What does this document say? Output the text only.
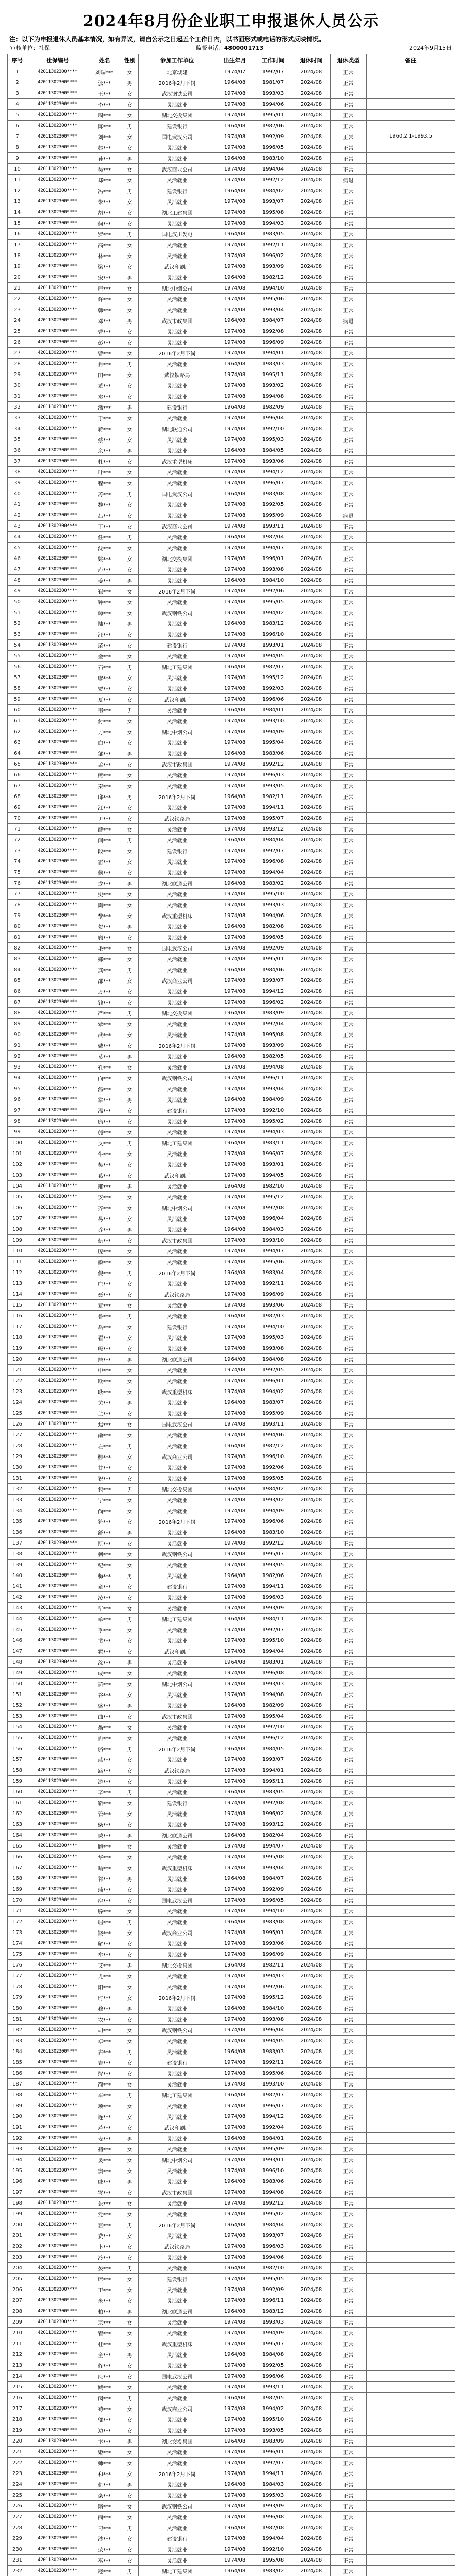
2024年8月份企业职工申报退休人员公示
注：以下为申报退休人员基本情况，如有异议，请自公示之日起五个工作日内，以书面形式或电话的形式反映情况。
审核单位：社保	监督电话：4800001713	2024年9月15日
序号	社保编号	姓名	性别	参加工作单位	出生年月	工作时间	退休时间	退休类型	备注
1	42011302300****	刘瑞***	女	北京城建	1974/07	1992/07	2024/08	正常	
2	42011302300****	张***	男	2016年2月下岗	1964/08	1981/07	2024/08	正常	
3	42011302300****	王***	女	武汉钢铁公司	1974/08	1993/03	2024/08	正常	
4	42011302300****	李***	女	灵活就业	1974/08	1994/06	2024/08	正常	
5	42011302300****	周***	女	湖北交投集团	1974/08	1995/01	2024/08	正常	
6	42011302300****	陈***	男	建设银行	1964/08	1982/06	2024/08	正常	
7	42011302300****	刘***	女	国电武汉公司	1974/08	1992/09	2024/08	正常	1960.2.1-1993.5
8	42011302300****	赵***	女	灵活就业	1974/08	1996/05	2024/08	正常	
9	42011302300****	孙***	男	灵活就业	1964/08	1983/10	2024/08	正常	
10	42011302300****	吴***	女	武汉商业公司	1974/08	1994/04	2024/08	正常	
11	42011302300****	郑***	女	灵活就业	1974/08	1992/12	2024/08	病退	
12	42011302300****	冯***	男	建设银行	1964/08	1984/02	2024/08	正常	
13	42011302300****	朱***	女	灵活就业	1974/08	1993/07	2024/08	正常	
14	42011302300****	胡***	女	湖北工建集团	1974/08	1995/08	2024/08	正常	
15	42011302300****	何***	女	灵活就业	1974/08	1994/03	2024/08	正常	
16	42011302300****	罗***	男	国电汉川发电	1964/08	1983/05	2024/08	正常	
17	42011302300****	高***	女	灵活就业	1974/08	1992/11	2024/08	正常	
18	42011302300****	林***	女	灵活就业	1974/08	1996/02	2024/08	正常	
19	42011302300****	梁***	女	武汉印刷厂	1974/08	1993/09	2024/08	正常	
20	42011302300****	宋***	男	灵活就业	1964/08	1982/12	2024/08	正常	
21	42011302300****	唐***	女	湖北中烟公司	1974/08	1994/10	2024/08	正常	
22	42011302300****	许***	女	灵活就业	1974/08	1995/06	2024/08	正常	
23	42011302300****	韩***	女	灵活就业	1974/08	1993/04	2024/08	正常	
24	42011302300****	邓***	男	武汉市政集团	1964/08	1984/07	2024/08	病退	
25	42011302300****	曹***	女	灵活就业	1974/08	1992/08	2024/08	正常	
26	42011302300****	彭***	女	灵活就业	1974/08	1996/09	2024/08	正常	
27	42011302300****	曾***	女	2016年2月下岗	1974/08	1994/01	2024/08	正常	
28	42011302300****	肖***	男	灵活就业	1964/08	1983/03	2024/08	正常	
29	42011302300****	田***	女	武汉铁路局	1974/08	1995/11	2024/08	正常	
30	42011302300****	董***	女	灵活就业	1974/08	1993/02	2024/08	正常	
31	42011302300****	袁***	女	灵活就业	1974/08	1994/08	2024/08	正常	
32	42011302300****	潘***	男	建设银行	1964/08	1982/09	2024/08	正常	
33	42011302300****	于***	女	灵活就业	1974/08	1996/04	2024/08	正常	
34	42011302300****	蒋***	女	湖北联通公司	1974/08	1992/10	2024/08	正常	
35	42011302300****	蔡***	女	灵活就业	1974/08	1995/03	2024/08	正常	
36	42011302300****	余***	男	灵活就业	1964/08	1984/05	2024/08	正常	
37	42011302300****	杜***	女	武汉重型机床	1974/08	1993/06	2024/08	正常	
38	42011302300****	叶***	女	灵活就业	1974/08	1994/12	2024/08	正常	
39	42011302300****	程***	女	灵活就业	1974/08	1996/07	2024/08	正常	
40	42011302300****	苏***	男	国电武汉公司	1964/08	1983/08	2024/08	正常	
41	42011302300****	魏***	女	灵活就业	1974/08	1992/05	2024/08	正常	
42	42011302300****	吕***	女	灵活就业	1974/08	1995/09	2024/08	病退	
43	42011302300****	丁***	女	武汉商业公司	1974/08	1993/11	2024/08	正常	
44	42011302300****	任***	男	灵活就业	1964/08	1982/04	2024/08	正常	
45	42011302300****	沈***	女	灵活就业	1974/08	1994/07	2024/08	正常	
46	42011302300****	姚***	女	湖北交投集团	1974/08	1996/01	2024/08	正常	
47	42011302300****	卢***	女	灵活就业	1974/08	1993/08	2024/08	正常	
48	42011302300****	姜***	男	灵活就业	1964/08	1984/10	2024/08	正常	
49	42011302300****	崔***	女	2016年2月下岗	1974/08	1992/06	2024/08	正常	
50	42011302300****	钟***	女	灵活就业	1974/08	1995/05	2024/08	正常	
51	42011302300****	谭***	女	武汉钢铁公司	1974/08	1994/02	2024/08	正常	
52	42011302300****	陆***	男	灵活就业	1964/08	1983/12	2024/08	正常	
53	42011302300****	汪***	女	灵活就业	1974/08	1996/10	2024/08	正常	
54	42011302300****	范***	女	建设银行	1974/08	1993/01	2024/08	正常	
55	42011302300****	金***	女	灵活就业	1974/08	1994/05	2024/08	正常	
56	42011302300****	石***	男	湖北工建集团	1964/08	1982/07	2024/08	正常	
57	42011302300****	廖***	女	灵活就业	1974/08	1995/12	2024/08	正常	
58	42011302300****	贾***	女	灵活就业	1974/08	1992/03	2024/08	正常	
59	42011302300****	夏***	女	武汉印刷厂	1974/08	1996/06	2024/08	正常	
60	42011302300****	韦***	男	灵活就业	1964/08	1984/01	2024/08	正常	
61	42011302300****	付***	女	灵活就业	1974/08	1993/10	2024/08	正常	
62	42011302300****	方***	女	湖北中烟公司	1974/08	1994/09	2024/08	正常	
63	42011302300****	白***	女	灵活就业	1974/08	1995/04	2024/08	正常	
64	42011302300****	邹***	男	灵活就业	1964/08	1983/06	2024/08	正常	
65	42011302300****	孟***	女	武汉市政集团	1974/08	1992/12	2024/08	正常	
66	42011302300****	熊***	女	灵活就业	1974/08	1996/03	2024/08	正常	
67	42011302300****	秦***	女	灵活就业	1974/08	1993/05	2024/08	正常	
68	42011302300****	邱***	男	2016年2月下岗	1964/08	1982/11	2024/08	正常	
69	42011302300****	江***	女	灵活就业	1974/08	1994/11	2024/08	正常	
70	42011302300****	尹***	女	武汉铁路局	1974/08	1995/07	2024/08	正常	
71	42011302300****	薛***	女	灵活就业	1974/08	1993/12	2024/08	正常	
72	42011302300****	闫***	男	灵活就业	1964/08	1984/04	2024/08	正常	
73	42011302300****	段***	女	建设银行	1974/08	1992/07	2024/08	正常	
74	42011302300****	雷***	女	灵活就业	1974/08	1996/08	2024/08	正常	
75	42011302300****	侯***	女	灵活就业	1974/08	1994/04	2024/08	正常	
76	42011302300****	龙***	男	湖北联通公司	1964/08	1983/02	2024/08	正常	
77	42011302300****	史***	女	灵活就业	1974/08	1995/10	2024/08	正常	
78	42011302300****	陶***	女	灵活就业	1974/08	1993/03	2024/08	正常	
79	42011302300****	黎***	女	武汉重型机床	1974/08	1994/06	2024/08	正常	
80	42011302300****	贺***	男	灵活就业	1964/08	1982/08	2024/08	正常	
81	42011302300****	顾***	女	灵活就业	1974/08	1996/05	2024/08	正常	
82	42011302300****	毛***	女	国电武汉公司	1974/08	1992/09	2024/08	正常	
83	42011302300****	郝***	女	灵活就业	1974/08	1995/01	2024/08	正常	
84	42011302300****	龚***	男	灵活就业	1964/08	1984/06	2024/08	正常	
85	42011302300****	邵***	女	武汉商业公司	1974/08	1993/07	2024/08	正常	
86	42011302300****	万***	女	灵活就业	1974/08	1994/12	2024/08	正常	
87	42011302300****	钱***	女	灵活就业	1974/08	1996/02	2024/08	正常	
88	42011302300****	严***	男	湖北交投集团	1964/08	1983/09	2024/08	正常	
89	42011302300****	覃***	女	灵活就业	1974/08	1992/04	2024/08	正常	
90	42011302300****	武***	女	灵活就业	1974/08	1995/08	2024/08	正常	
91	42011302300****	戴***	女	2016年2月下岗	1974/08	1993/09	2024/08	正常	
92	42011302300****	莫***	男	灵活就业	1964/08	1982/05	2024/08	正常	
93	42011302300****	孔***	女	灵活就业	1974/08	1994/08	2024/08	正常	
94	42011302300****	向***	女	武汉钢铁公司	1974/08	1996/11	2024/08	正常	
95	42011302300****	汤***	女	灵活就业	1974/08	1993/04	2024/08	正常	
96	42011302300****	常***	男	灵活就业	1964/08	1984/09	2024/08	正常	
97	42011302300****	温***	女	建设银行	1974/08	1992/10	2024/08	正常	
98	42011302300****	康***	女	灵活就业	1974/08	1995/02	2024/08	正常	
99	42011302300****	施***	女	灵活就业	1974/08	1994/03	2024/08	正常	
100	42011302300****	文***	男	湖北工建集团	1964/08	1983/11	2024/08	正常	
101	42011302300****	牛***	女	灵活就业	1974/08	1996/07	2024/08	正常	
102	42011302300****	樊***	女	灵活就业	1974/08	1993/01	2024/08	正常	
103	42011302300****	葛***	女	武汉印刷厂	1974/08	1994/05	2024/08	正常	
104	42011302300****	邢***	男	灵活就业	1964/08	1982/10	2024/08	正常	
105	42011302300****	安***	女	灵活就业	1974/08	1995/12	2024/08	正常	
106	42011302300****	齐***	女	湖北中烟公司	1974/08	1992/08	2024/08	正常	
107	42011302300****	易***	女	灵活就业	1974/08	1996/04	2024/08	正常	
108	42011302300****	乔***	男	灵活就业	1964/08	1984/03	2024/08	正常	
109	42011302300****	伍***	女	武汉市政集团	1974/08	1993/10	2024/08	正常	
110	42011302300****	庞***	女	灵活就业	1974/08	1994/07	2024/08	正常	
111	42011302300****	颜***	女	灵活就业	1974/08	1995/06	2024/08	正常	
112	42011302300****	倪***	男	2016年2月下岗	1964/08	1983/04	2024/08	正常	
113	42011302300****	庄***	女	灵活就业	1974/08	1992/11	2024/08	正常	
114	42011302300****	聂***	女	武汉铁路局	1974/08	1996/09	2024/08	正常	
115	42011302300****	章***	女	灵活就业	1974/08	1993/06	2024/08	正常	
116	42011302300****	鲁***	男	灵活就业	1964/08	1982/03	2024/08	正常	
117	42011302300****	岳***	女	建设银行	1974/08	1994/10	2024/08	正常	
118	42011302300****	翟***	女	灵活就业	1974/08	1995/03	2024/08	正常	
119	42011302300****	殷***	女	灵活就业	1974/08	1993/08	2024/08	正常	
120	42011302300****	詹***	男	湖北联通公司	1964/08	1984/08	2024/08	正常	
121	42011302300****	申***	女	灵活就业	1974/08	1992/05	2024/08	正常	
122	42011302300****	欧***	女	灵活就业	1974/08	1996/01	2024/08	正常	
123	42011302300****	耿***	女	武汉重型机床	1974/08	1994/02	2024/08	正常	
124	42011302300****	关***	男	灵活就业	1964/08	1983/07	2024/08	正常	
125	42011302300****	兰***	女	灵活就业	1974/08	1995/09	2024/08	正常	
126	42011302300****	焦***	女	国电武汉公司	1974/08	1993/11	2024/08	正常	
127	42011302300****	俞***	女	灵活就业	1974/08	1994/06	2024/08	正常	
128	42011302300****	左***	男	灵活就业	1964/08	1982/12	2024/08	正常	
129	42011302300****	柳***	女	武汉商业公司	1974/08	1996/10	2024/08	正常	
130	42011302300****	甘***	女	灵活就业	1974/08	1992/06	2024/08	正常	
131	42011302300****	祝***	女	灵活就业	1974/08	1995/05	2024/08	正常	
132	42011302300****	包***	男	湖北交投集团	1964/08	1984/02	2024/08	正常	
133	42011302300****	宁***	女	灵活就业	1974/08	1993/02	2024/08	正常	
134	42011302300****	尚***	女	灵活就业	1974/08	1994/09	2024/08	正常	
135	42011302300****	符***	女	2016年2月下岗	1974/08	1996/06	2024/08	正常	
136	42011302300****	舒***	男	灵活就业	1964/08	1983/10	2024/08	正常	
137	42011302300****	阮***	女	灵活就业	1974/08	1992/12	2024/08	正常	
138	42011302300****	柯***	女	武汉钢铁公司	1974/08	1995/07	2024/08	正常	
139	42011302300****	纪***	女	灵活就业	1974/08	1993/05	2024/08	正常	
140	42011302300****	梅***	男	灵活就业	1964/08	1982/06	2024/08	正常	
141	42011302300****	童***	女	建设银行	1974/08	1994/11	2024/08	正常	
142	42011302300****	凌***	女	灵活就业	1974/08	1996/03	2024/08	正常	
143	42011302300****	毕***	女	灵活就业	1974/08	1993/09	2024/08	正常	
144	42011302300****	单***	男	湖北工建集团	1964/08	1984/11	2024/08	正常	
145	42011302300****	季***	女	灵活就业	1974/08	1992/07	2024/08	正常	
146	42011302300****	裴***	女	灵活就业	1974/08	1995/10	2024/08	正常	
147	42011302300****	霍***	女	武汉印刷厂	1974/08	1994/04	2024/08	正常	
148	42011302300****	涂***	男	灵活就业	1964/08	1983/01	2024/08	正常	
149	42011302300****	成***	女	灵活就业	1974/08	1996/08	2024/08	正常	
150	42011302300****	苗***	女	湖北中烟公司	1974/08	1993/03	2024/08	正常	
151	42011302300****	谷***	女	灵活就业	1974/08	1994/08	2024/08	正常	
152	42011302300****	盛***	男	灵活就业	1964/08	1982/09	2024/08	正常	
153	42011302300****	曲***	女	武汉市政集团	1974/08	1995/04	2024/08	正常	
154	42011302300****	翁***	女	灵活就业	1974/08	1992/10	2024/08	正常	
155	42011302300****	冉***	女	灵活就业	1974/08	1996/12	2024/08	正常	
156	42011302300****	骆***	男	2016年2月下岗	1964/08	1984/05	2024/08	正常	
157	42011302300****	蓝***	女	灵活就业	1974/08	1993/07	2024/08	正常	
158	42011302300****	路***	女	武汉铁路局	1974/08	1994/01	2024/08	正常	
159	42011302300****	游***	女	灵活就业	1974/08	1995/11	2024/08	正常	
160	42011302300****	辛***	男	灵活就业	1964/08	1983/05	2024/08	正常	
161	42011302300****	靳***	女	建设银行	1974/08	1992/08	2024/08	正常	
162	42011302300****	管***	女	灵活就业	1974/08	1996/02	2024/08	正常	
163	42011302300****	柴***	女	灵活就业	1974/08	1993/12	2024/08	正常	
164	42011302300****	蒙***	男	湖北联通公司	1964/08	1982/04	2024/08	正常	
165	42011302300****	鲍***	女	灵活就业	1974/08	1994/07	2024/08	正常	
166	42011302300****	华***	女	灵活就业	1974/08	1995/08	2024/08	正常	
167	42011302300****	喻***	女	武汉重型机床	1974/08	1993/04	2024/08	正常	
168	42011302300****	祁***	男	灵活就业	1964/08	1984/07	2024/08	正常	
169	42011302300****	蒲***	女	灵活就业	1974/08	1992/09	2024/08	正常	
170	42011302300****	房***	女	国电武汉公司	1974/08	1996/05	2024/08	正常	
171	42011302300****	滕***	女	灵活就业	1974/08	1994/10	2024/08	正常	
172	42011302300****	屈***	男	灵活就业	1964/08	1983/08	2024/08	正常	
173	42011302300****	饶***	女	武汉商业公司	1974/08	1995/01	2024/08	正常	
174	42011302300****	解***	女	灵活就业	1974/08	1993/06	2024/08	正常	
175	42011302300****	牟***	女	灵活就业	1974/08	1996/09	2024/08	正常	
176	42011302300****	艾***	男	湖北交投集团	1964/08	1982/11	2024/08	正常	
177	42011302300****	尤***	女	灵活就业	1974/08	1994/03	2024/08	正常	
178	42011302300****	阳***	女	灵活就业	1974/08	1992/06	2024/08	正常	
179	42011302300****	时***	女	2016年2月下岗	1974/08	1995/12	2024/08	正常	
180	42011302300****	穆***	男	灵活就业	1964/08	1984/10	2024/08	正常	
181	42011302300****	农***	女	灵活就业	1974/08	1993/08	2024/08	正常	
182	42011302300****	司***	女	武汉钢铁公司	1974/08	1996/04	2024/08	正常	
183	42011302300****	卓***	女	灵活就业	1974/08	1994/05	2024/08	正常	
184	42011302300****	古***	男	灵活就业	1964/08	1983/03	2024/08	正常	
185	42011302300****	吉***	女	建设银行	1974/08	1992/11	2024/08	正常	
186	42011302300****	缪***	女	灵活就业	1974/08	1995/06	2024/08	正常	
187	42011302300****	简***	女	灵活就业	1974/08	1993/10	2024/08	正常	
188	42011302300****	车***	男	湖北工建集团	1964/08	1982/07	2024/08	正常	
189	42011302300****	项***	女	灵活就业	1974/08	1996/07	2024/08	正常	
190	42011302300****	连***	女	灵活就业	1974/08	1994/12	2024/08	正常	
191	42011302300****	芦***	女	武汉印刷厂	1974/08	1992/04	2024/08	正常	
192	42011302300****	麦***	男	灵活就业	1964/08	1984/01	2024/08	正常	
193	42011302300****	褚***	女	灵活就业	1974/08	1995/09	2024/08	正常	
194	42011302300****	娄***	女	湖北中烟公司	1974/08	1993/01	2024/08	正常	
195	42011302300****	窦***	女	灵活就业	1974/08	1996/10	2024/08	正常	
196	42011302300****	戚***	男	灵活就业	1964/08	1983/06	2024/08	正常	
197	42011302300****	岑***	女	武汉市政集团	1974/08	1994/08	2024/08	正常	
198	42011302300****	景***	女	灵活就业	1974/08	1992/12	2024/08	正常	
199	42011302300****	党***	女	灵活就业	1974/08	1995/02	2024/08	正常	
200	42011302300****	宫***	男	2016年2月下岗	1964/08	1984/04	2024/08	正常	
201	42011302300****	费***	女	灵活就业	1974/08	1993/07	2024/08	正常	
202	42011302300****	卜***	女	武汉铁路局	1974/08	1996/03	2024/08	正常	
203	42011302300****	冷***	女	灵活就业	1974/08	1994/06	2024/08	正常	
204	42011302300****	晏***	男	灵活就业	1964/08	1982/10	2024/08	正常	
205	42011302300****	席***	女	建设银行	1974/08	1995/05	2024/08	正常	
206	42011302300****	卫***	女	灵活就业	1974/08	1992/09	2024/08	正常	
207	42011302300****	米***	女	灵活就业	1974/08	1996/11	2024/08	正常	
208	42011302300****	柏***	男	湖北联通公司	1964/08	1983/12	2024/08	正常	
209	42011302300****	宗***	女	灵活就业	1974/08	1993/03	2024/08	正常	
210	42011302300****	瞿***	女	灵活就业	1974/08	1994/09	2024/08	正常	
211	42011302300****	桂***	女	武汉重型机床	1974/08	1995/07	2024/08	正常	
212	42011302300****	全***	男	灵活就业	1964/08	1984/08	2024/08	正常	
213	42011302300****	佟***	女	灵活就业	1974/08	1992/05	2024/08	正常	
214	42011302300****	应***	女	国电武汉公司	1974/08	1996/06	2024/08	正常	
215	42011302300****	臧***	女	灵活就业	1974/08	1993/11	2024/08	正常	
216	42011302300****	闵***	男	灵活就业	1964/08	1982/05	2024/08	正常	
217	42011302300****	苟***	女	武汉商业公司	1974/08	1994/02	2024/08	正常	
218	42011302300****	邬***	女	灵活就业	1974/08	1995/10	2024/08	正常	
219	42011302300****	边***	女	灵活就业	1974/08	1993/05	2024/08	正常	
220	42011302300****	卞***	男	湖北交投集团	1964/08	1983/09	2024/08	正常	
221	42011302300****	姬***	女	灵活就业	1974/08	1996/01	2024/08	正常	
222	42011302300****	师***	女	灵活就业	1974/08	1992/07	2024/08	正常	
223	42011302300****	和***	女	2016年2月下岗	1974/08	1994/11	2024/08	正常	
224	42011302300****	仇***	男	灵活就业	1964/08	1984/03	2024/08	正常	
225	42011302300****	栾***	女	灵活就业	1974/08	1995/03	2024/08	正常	
226	42011302300****	隋***	女	武汉钢铁公司	1974/08	1993/09	2024/08	正常	
227	42011302300****	商***	女	灵活就业	1974/08	1996/08	2024/08	正常	
228	42011302300****	刁***	男	灵活就业	1964/08	1982/08	2024/08	正常	
229	42011302300****	沙***	女	建设银行	1974/08	1994/04	2024/08	正常	
230	42011302300****	荣***	女	灵活就业	1974/08	1992/10	2024/08	正常	
231	42011302300****	巫***	女	灵活就业	1974/08	1995/08	2024/08	正常	
232	42011302300****	寇***	男	湖北工建集团	1964/08	1983/02	2024/08	正常	
